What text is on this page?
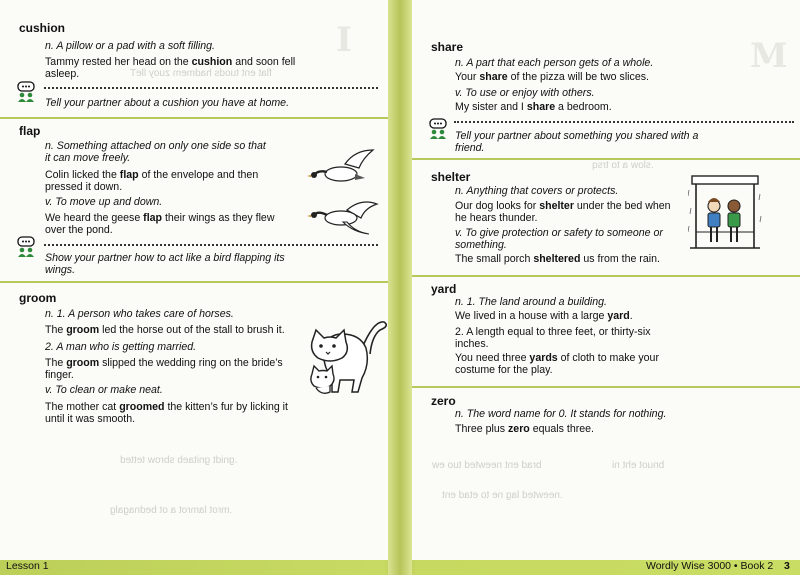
I
cushion
n. A pillow or a pad with a soft filling.
Tammy rested her head on the cushion and soon fell asleep.
Tell your partner about a cushion you have at home.
flap
n. Something attached on only one side so that it can move freely.
Colin licked the flap of the envelope and then pressed it down.
v. To move up and down.
We heard the geese flap their wings as they flew over the pond.
Show your partner how to act like a bird flapping its wings.
groom
n. 1. A person who takes care of horses.
The groom led the horse out of the stall to brush it.
2. A man who is getting married.
The groom slipped the wedding ring on the bride’s finger.
v. To clean or make neat.
The mother cat groomed the kitten’s fur by licking it until it was smooth.
flat ent tuods hadmem zuoy lleT
.gnidt gnitaeb sbrow tetted
.mrot lamrot a ot bednagalg
M
share
n. A part that each person gets of a whole.
Your share of the pizza will be two slices.
v. To use or enjoy with others.
My sister and I share a bedroom.
Tell your partner about something you shared with a friend.
shelter
n. Anything that covers or protects.
Our dog looks for shelter under the bed when he hears thunder.
v. To give protection or safety to someone or something.
The small porch sheltered us from the rain.
yard
n. 1. The land around a building.
We lived in a house with a large yard.
2. A length equal to three feet, or thirty-six inches.
You need three yards of cloth to make your costume for the play.
zero
n. The word name for 0. It stands for nothing.
Three plus zero equals three.
.slow a to trsq
brad ent neewted tuo ew	bnuot eht ni
.neewted lag ne to etad ent
Lesson 1	Wordly Wise 3000 • Book 2 3
